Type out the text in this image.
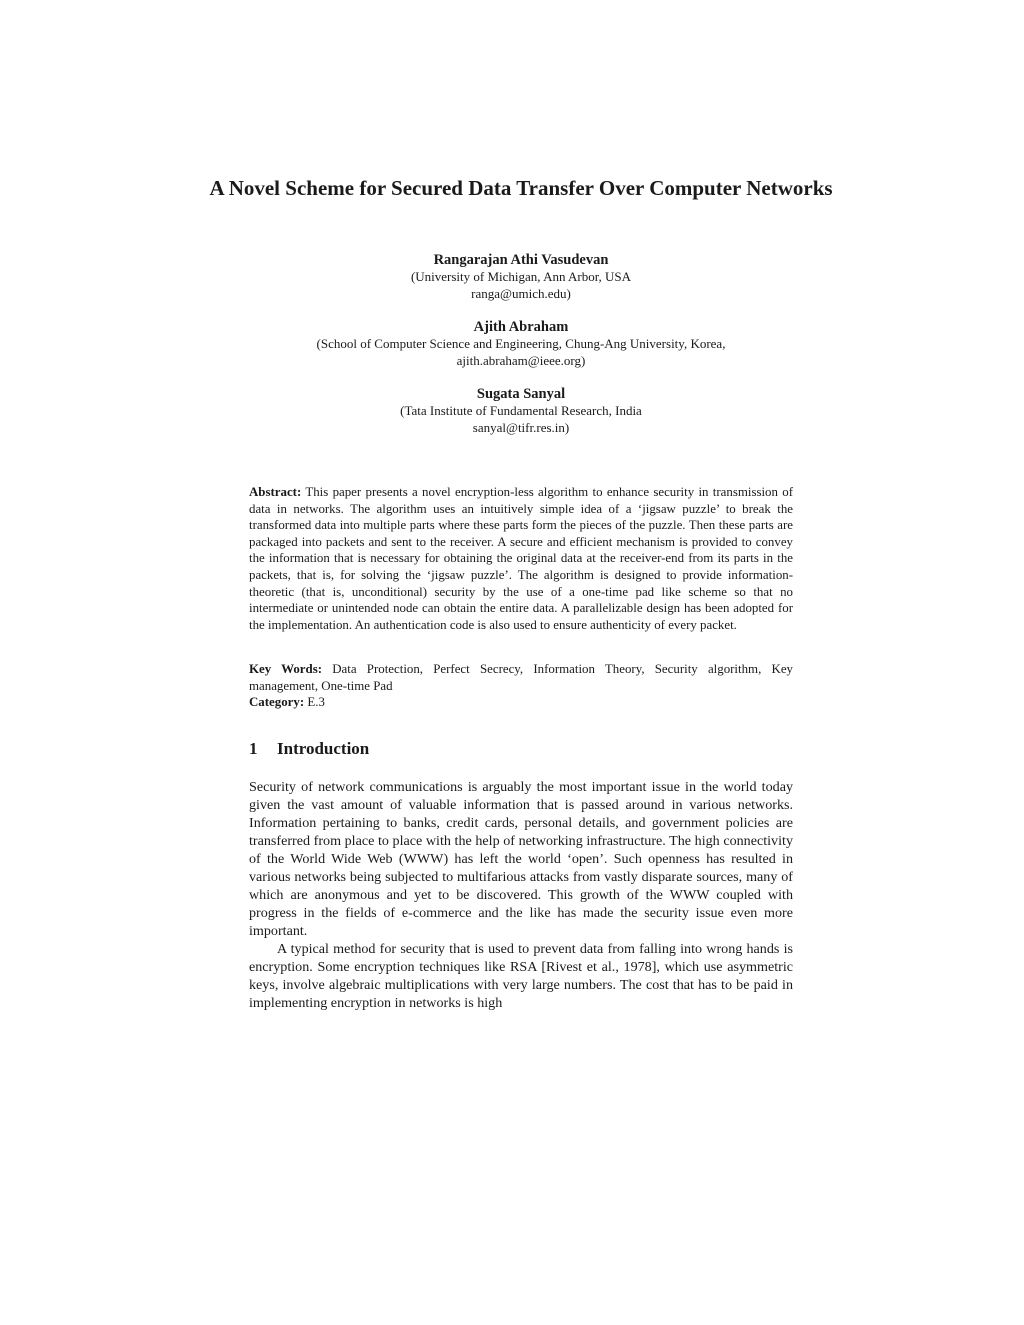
A Novel Scheme for Secured Data Transfer Over Computer Networks
Rangarajan Athi Vasudevan
(University of Michigan, Ann Arbor, USA
ranga@umich.edu)
Ajith Abraham
(School of Computer Science and Engineering, Chung-Ang University, Korea,
ajith.abraham@ieee.org)
Sugata Sanyal
(Tata Institute of Fundamental Research, India
sanyal@tifr.res.in)

Abstract: This paper presents a novel encryption-less algorithm to enhance security in transmission of data in networks. The algorithm uses an intuitively simple idea of a ‘jigsaw puzzle’ to break the transformed data into multiple parts where these parts form the pieces of the puzzle. Then these parts are packaged into packets and sent to the receiver. A secure and efficient mechanism is provided to convey the information that is necessary for obtaining the original data at the receiver-end from its parts in the packets, that is, for solving the ‘jigsaw puzzle’. The algorithm is designed to provide information-theoretic (that is, unconditional) security by the use of a one-time pad like scheme so that no intermediate or unintended node can obtain the entire data. A parallelizable design has been adopted for the implementation. An authentication code is also used to ensure authenticity of every packet.

Key Words: Data Protection, Perfect Secrecy, Information Theory, Security algorithm, Key management, One-time Pad
Category: E.3
1 Introduction

Security of network communications is arguably the most important issue in the world today given the vast amount of valuable information that is passed around in various networks. Information pertaining to banks, credit cards, personal details, and government policies are transferred from place to place with the help of networking infrastructure. The high connectivity of the World Wide Web (WWW) has left the world ‘open’. Such openness has resulted in various networks being subjected to multifarious attacks from vastly disparate sources, many of which are anonymous and yet to be discovered. This growth of the WWW coupled with progress in the fields of e-commerce and the like has made the security issue even more important.

A typical method for security that is used to prevent data from falling into wrong hands is encryption. Some encryption techniques like RSA [Rivest et al., 1978], which use asymmetric keys, involve algebraic multiplications with very large numbers. The cost that has to be paid in implementing encryption in networks is high
